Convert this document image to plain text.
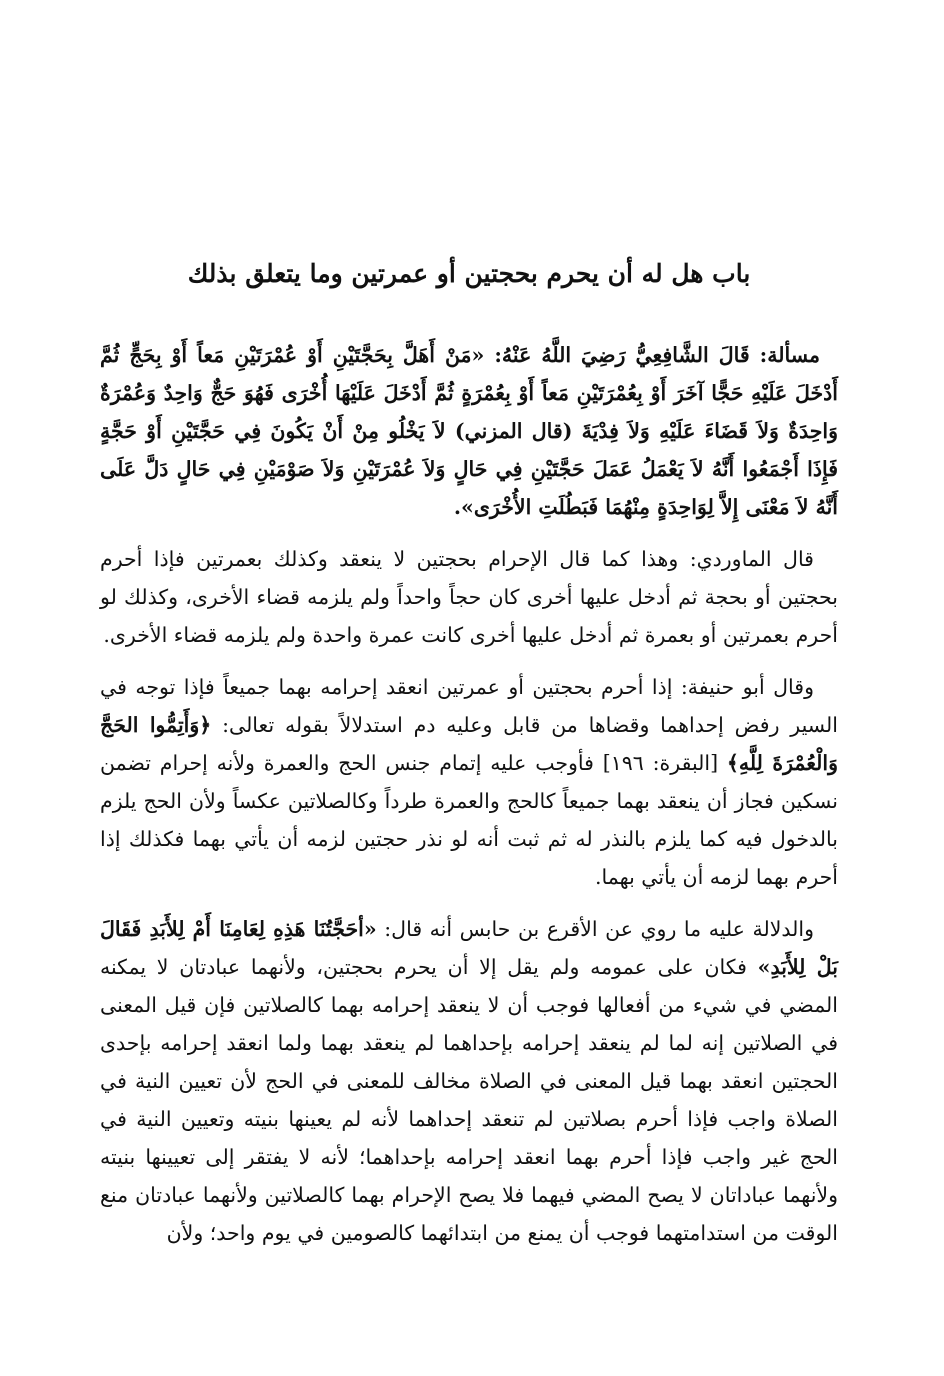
باب هل له أن يحرم بحجتين أو عمرتين وما يتعلق بذلك

مسألة: قَالَ الشَّافِعِيُّ رَضِيَ اللَّهُ عَنْهُ: «مَنْ أَهَلَّ بِحَجَّتَيْنِ أَوْ عُمْرَتَيْنِ مَعاً أَوْ بِحَجٍّ ثُمَّ أَدْخَلَ عَلَيْهِ حَجًّا آخَرَ أَوْ بِعُمْرَتَيْنِ مَعاً أَوْ بِعُمْرَةٍ ثُمَّ أَدْخَلَ عَلَيْهَا أُخْرَى فَهُوَ حَجٌّ وَاحِدٌ وَعُمْرَةٌ وَاحِدَةٌ وَلاَ قَضَاءَ عَلَيْهِ وَلاَ فِدْيَةَ (قال المزني) لاَ يَخْلُو مِنْ أَنْ يَكُونَ فِي حَجَّتَيْنِ أَوْ حَجَّةٍ فَإِذَا أَجْمَعُوا أَنَّهُ لاَ يَعْمَلُ عَمَلَ حَجَّتَيْنِ فِي حَالٍ وَلاَ عُمْرَتَيْنِ وَلاَ صَوْمَيْنِ فِي حَالٍ دَلَّ عَلَى أَنَّهُ لاَ مَعْنَى إِلاَّ لِوَاحِدَةٍ مِنْهُمَا فَبَطُلَتِ الأُخْرَى».

قال الماوردي: وهذا كما قال الإحرام بحجتين لا ينعقد وكذلك بعمرتين فإذا أحرم بحجتين أو بحجة ثم أدخل عليها أخرى كان حجاً واحداً ولم يلزمه قضاء الأخرى، وكذلك لو أحرم بعمرتين أو بعمرة ثم أدخل عليها أخرى كانت عمرة واحدة ولم يلزمه قضاء الأخرى.

وقال أبو حنيفة: إذا أحرم بحجتين أو عمرتين انعقد إحرامه بهما جميعاً فإذا توجه في السير رفض إحداهما وقضاها من قابل وعليه دم استدلالاً بقوله تعالى: ﴿وَأَتِمُّوا الحَجَّ وَالْعُمْرَةَ لِلَّهِ﴾ [البقرة: ١٩٦] فأوجب عليه إتمام جنس الحج والعمرة ولأنه إحرام تضمن نسكين فجاز أن ينعقد بهما جميعاً كالحج والعمرة طرداً وكالصلاتين عكساً ولأن الحج يلزم بالدخول فيه كما يلزم بالنذر له ثم ثبت أنه لو نذر حجتين لزمه أن يأتي بهما فكذلك إذا أحرم بهما لزمه أن يأتي بهما.

والدلالة عليه ما روي عن الأقرع بن حابس أنه قال: «أحَجَّتُنَا هَذِهِ لِعَامِنَا أَمْ لِلأَبَدِ فَقَالَ بَلْ لِلأَبَدِ» فكان على عمومه ولم يقل إلا أن يحرم بحجتين، ولأنهما عبادتان لا يمكنه المضي في شيء من أفعالها فوجب أن لا ينعقد إحرامه بهما كالصلاتين فإن قيل المعنى في الصلاتين إنه لما لم ينعقد إحرامه بإحداهما لم ينعقد بهما ولما انعقد إحرامه بإحدى الحجتين انعقد بهما قيل المعنى في الصلاة مخالف للمعنى في الحج لأن تعيين النية في الصلاة واجب فإذا أحرم بصلاتين لم تنعقد إحداهما لأنه لم يعينها بنيته وتعيين النية في الحج غير واجب فإذا أحرم بهما انعقد إحرامه بإحداهما؛ لأنه لا يفتقر إلى تعيينها بنيته ولأنهما عباداتان لا يصح المضي فيهما فلا يصح الإحرام بهما كالصلاتين ولأنهما عبادتان منع الوقت من استدامتهما فوجب أن يمنع من ابتدائهما كالصومين في يوم واحد؛ ولأن
